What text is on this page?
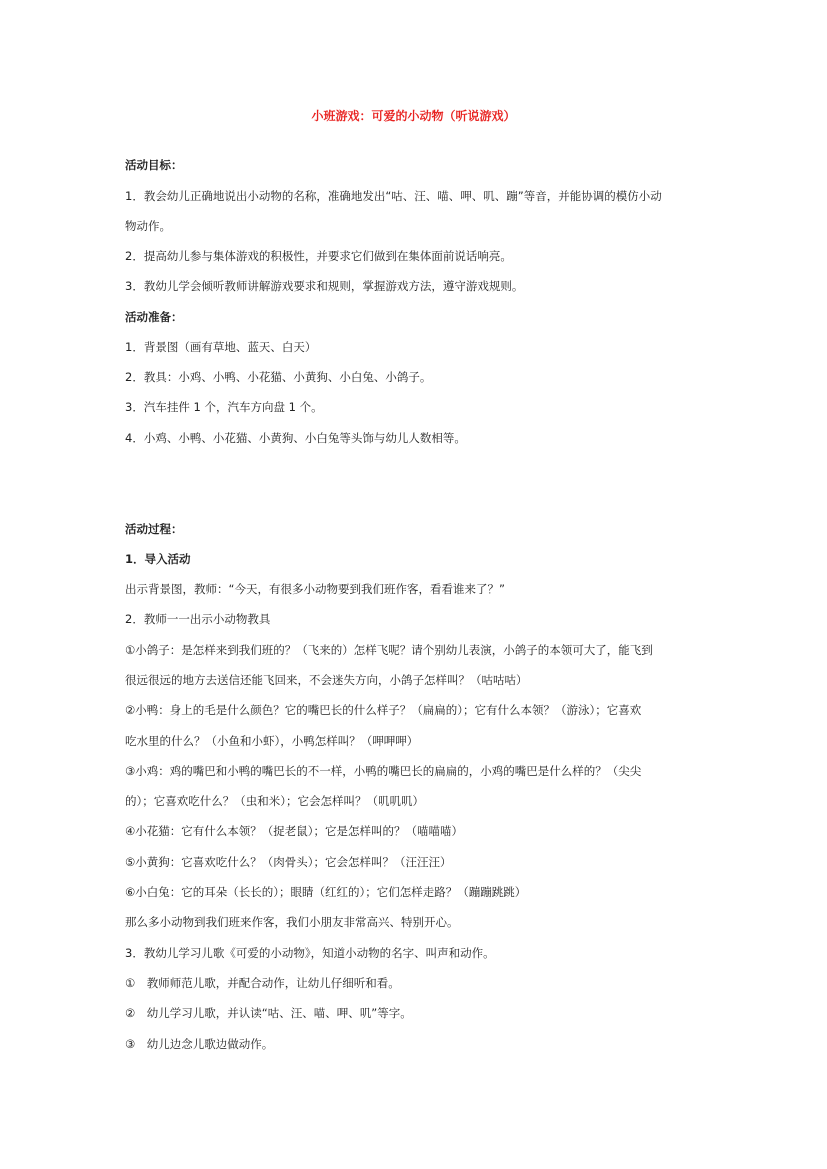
小班游戏：可爱的小动物（听说游戏）
活动目标：
1．教会幼儿正确地说出小动物的名称，准确地发出“咕、汪、喵、呷、叽、蹦”等音，并能协调的模仿小动
物动作。
2．提高幼儿参与集体游戏的积极性，并要求它们做到在集体面前说话响亮。
3．教幼儿学会倾听教师讲解游戏要求和规则，掌握游戏方法，遵守游戏规则。
活动准备：
1．背景图（画有草地、蓝天、白天）
2．教具：小鸡、小鸭、小花猫、小黄狗、小白兔、小鸽子。
3．汽车挂件 1 个，汽车方向盘 1 个。
4．小鸡、小鸭、小花猫、小黄狗、小白兔等头饰与幼儿人数相等。
活动过程：
1．导入活动
出示背景图，教师：“今天，有很多小动物要到我们班作客，看看谁来了？”
2．教师一一出示小动物教具
①小鸽子：是怎样来到我们班的？（飞来的）怎样飞呢？请个别幼儿表演，小鸽子的本领可大了，能飞到
很远很远的地方去送信还能飞回来，不会迷失方向，小鸽子怎样叫？（咕咕咕）
②小鸭：身上的毛是什么颜色？它的嘴巴长的什么样子？（扁扁的）；它有什么本领？（游泳）；它喜欢
吃水里的什么？（小鱼和小虾），小鸭怎样叫？（呷呷呷）
③小鸡：鸡的嘴巴和小鸭的嘴巴长的不一样，小鸭的嘴巴长的扁扁的，小鸡的嘴巴是什么样的？（尖尖
的）；它喜欢吃什么？（虫和米）；它会怎样叫？（叽叽叽）
④小花猫：它有什么本领？（捉老鼠）；它是怎样叫的？（喵喵喵）
⑤小黄狗：它喜欢吃什么？（肉骨头）；它会怎样叫？（汪汪汪）
⑥小白兔：它的耳朵（长长的）；眼睛（红红的）；它们怎样走路？（蹦蹦跳跳）
那么多小动物到我们班来作客，我们小朋友非常高兴、特别开心。
3．教幼儿学习儿歌《可爱的小动物》，知道小动物的名字、叫声和动作。
①　教师师范儿歌，并配合动作，让幼儿仔细听和看。
②　幼儿学习儿歌，并认读“咕、汪、喵、呷、叽”等字。
③　幼儿边念儿歌边做动作。
